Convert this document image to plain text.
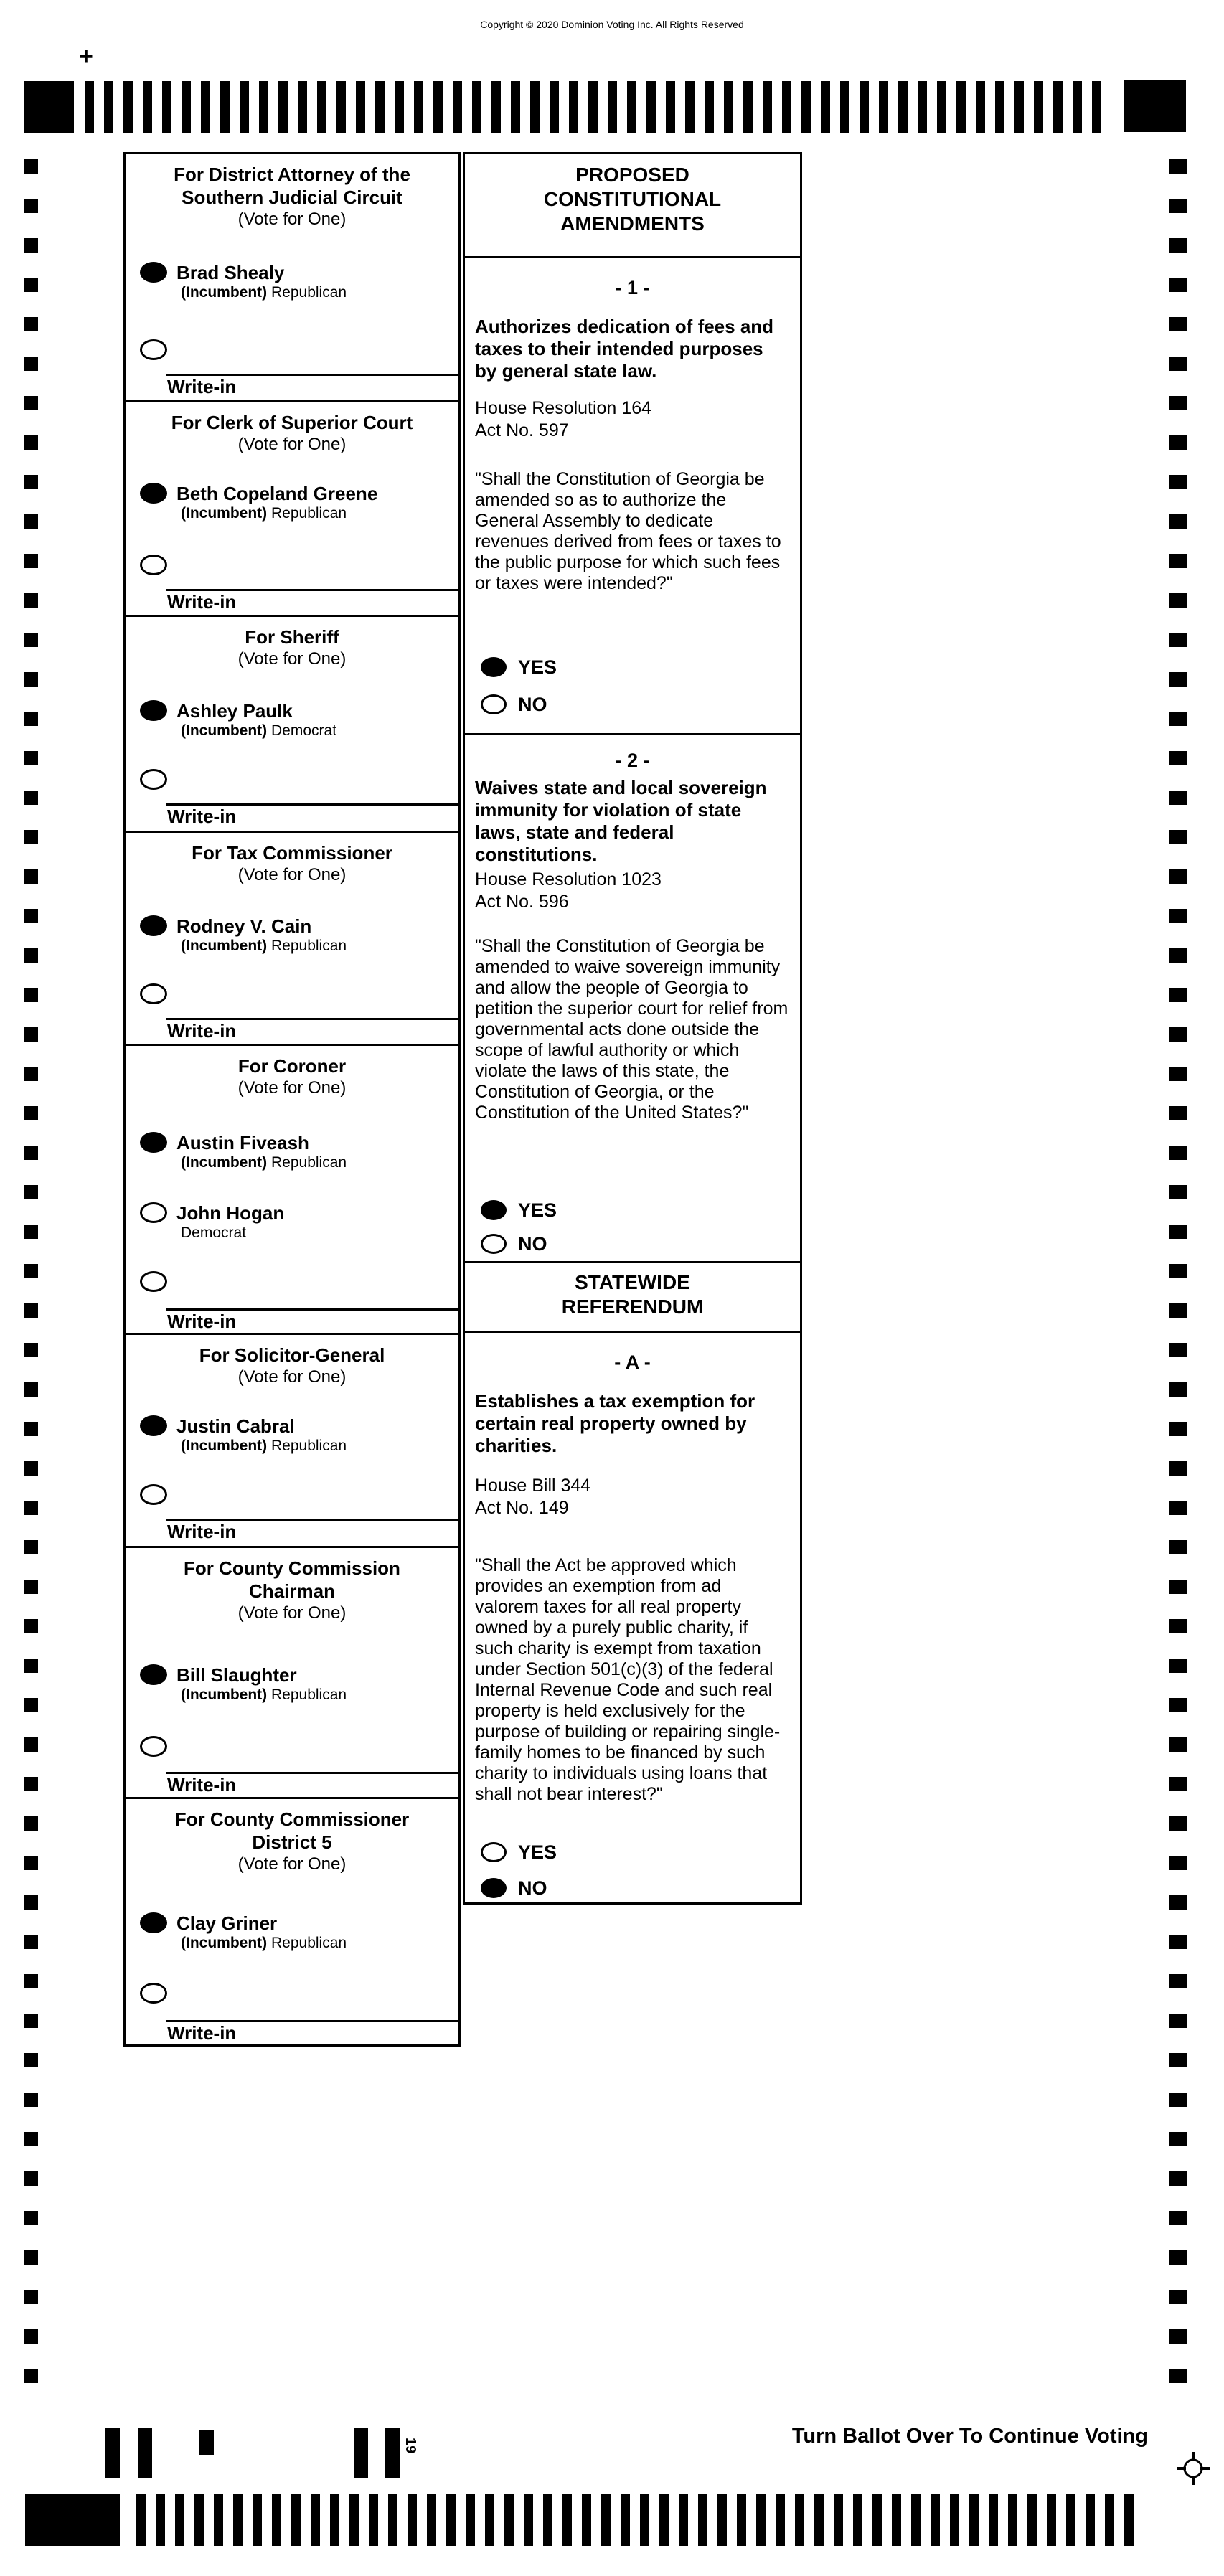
Copyright © 2020 Dominion Voting Inc. All Rights Reserved
+
19
For District Attorney of the
Southern Judicial Circuit
(Vote for One)
Brad Shealy
(Incumbent) Republican
Write-in
For Clerk of Superior Court
(Vote for One)
Beth Copeland Greene
(Incumbent) Republican
Write-in
For Sheriff
(Vote for One)
Ashley Paulk
(Incumbent) Democrat
Write-in
For Tax Commissioner
(Vote for One)
Rodney V. Cain
(Incumbent) Republican
Write-in
For Coroner
(Vote for One)
Austin Fiveash
(Incumbent) Republican
John Hogan
Democrat
Write-in
For Solicitor-General
(Vote for One)
Justin Cabral
(Incumbent) Republican
Write-in
For County Commission
Chairman
(Vote for One)
Bill Slaughter
(Incumbent) Republican
Write-in
For County Commissioner
District 5
(Vote for One)
Clay Griner
(Incumbent) Republican
Write-in
PROPOSED
CONSTITUTIONAL
AMENDMENTS
- 1 -
Authorizes dedication of fees and taxes to their intended purposes by general state law.
House Resolution 164
Act No. 597
"Shall the Constitution of Georgia be amended so as to authorize the General Assembly to dedicate revenues derived from fees or taxes to the public purpose for which such fees or taxes were intended?"
YES
NO
- 2 -
Waives state and local sovereign immunity for violation of state laws, state and federal constitutions.
House Resolution 1023
Act No. 596
"Shall the Constitution of Georgia be amended to waive sovereign immunity and allow the people of Georgia to petition the superior court for relief from governmental acts done outside the scope of lawful authority or which violate the laws of this state, the Constitution of Georgia, or the Constitution of the United States?"
YES
NO
STATEWIDE
REFERENDUM
- A -
Establishes a tax exemption for certain real property owned by charities.
House Bill 344
Act No. 149
"Shall the Act be approved which provides an exemption from ad valorem taxes for all real property owned by a purely public charity, if such charity is exempt from taxation under Section 501(c)(3) of the federal Internal Revenue Code and such real property is held exclusively for the purpose of building or repairing single-family homes to be financed by such charity to individuals using loans that shall not bear interest?"
YES
NO
Turn Ballot Over To Continue Voting
